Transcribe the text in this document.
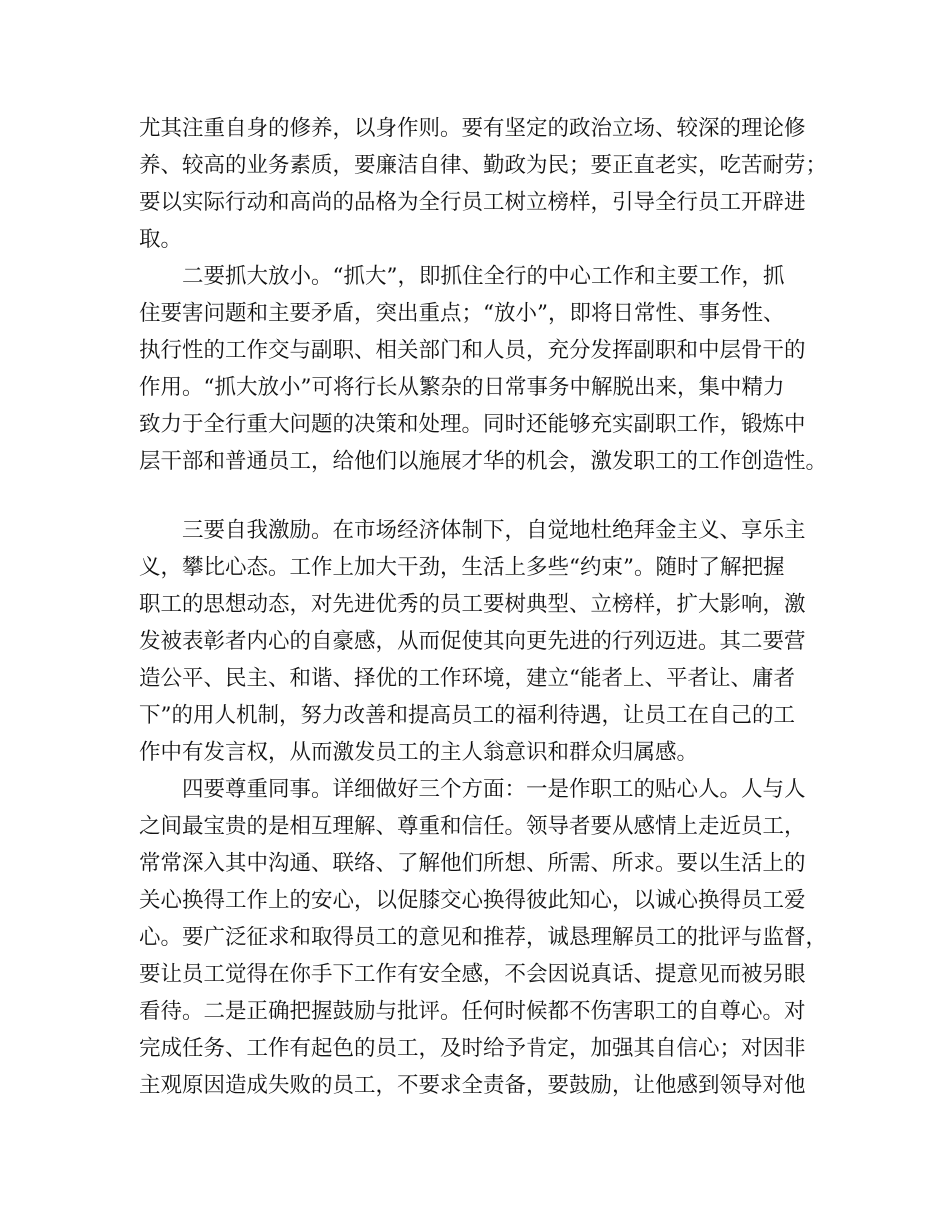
尤其注重自身的修养，以身作则。要有坚定的政治立场、较深的理论修
养、较高的业务素质，要廉洁自律、勤政为民；要正直老实，吃苦耐劳；
要以实际行动和高尚的品格为全行员工树立榜样，引导全行员工开辟进
取。
二要抓大放小。“抓大”，即抓住全行的中心工作和主要工作，抓
住要害问题和主要矛盾，突出重点；“放小”，即将日常性、事务性、
执行性的工作交与副职、相关部门和人员，充分发挥副职和中层骨干的
作用。“抓大放小”可将行长从繁杂的日常事务中解脱出来，集中精力
致力于全行重大问题的决策和处理。同时还能够充实副职工作，锻炼中
层干部和普通员工，给他们以施展才华的机会，激发职工的工作创造性。
三要自我激励。在市场经济体制下，自觉地杜绝拜金主义、享乐主
义，攀比心态。工作上加大干劲，生活上多些“约束”。随时了解把握
职工的思想动态，对先进优秀的员工要树典型、立榜样，扩大影响，激
发被表彰者内心的自豪感，从而促使其向更先进的行列迈进。其二要营
造公平、民主、和谐、择优的工作环境，建立“能者上、平者让、庸者
下”的用人机制，努力改善和提高员工的福利待遇，让员工在自己的工
作中有发言权，从而激发员工的主人翁意识和群众归属感。
四要尊重同事。详细做好三个方面：一是作职工的贴心人。人与人
之间最宝贵的是相互理解、尊重和信任。领导者要从感情上走近员工，
常常深入其中沟通、联络、了解他们所想、所需、所求。要以生活上的
关心换得工作上的安心，以促膝交心换得彼此知心，以诚心换得员工爱
心。要广泛征求和取得员工的意见和推荐，诚恳理解员工的批评与监督，
要让员工觉得在你手下工作有安全感，不会因说真话、提意见而被另眼
看待。二是正确把握鼓励与批评。任何时候都不伤害职工的自尊心。对
完成任务、工作有起色的员工，及时给予肯定，加强其自信心；对因非
主观原因造成失败的员工，不要求全责备，要鼓励，让他感到领导对他
